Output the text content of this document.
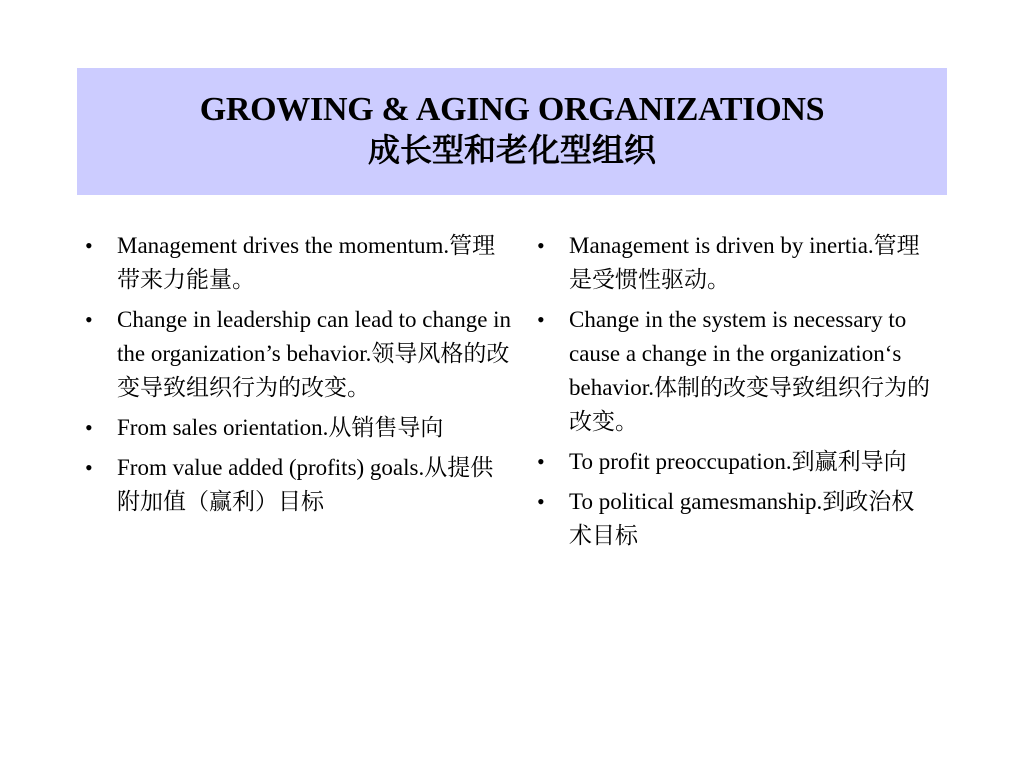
GROWING & AGING ORGANIZATIONS
成长型和老化型组织
• Management drives the momentum.管理带来力能量。
• Change in leadership can lead to change in the organization’s behavior.领导风格的改变导致组织行为的改变。
• From sales orientation.从销售导向
• From value added (profits) goals.从提供附加值（赢利）目标
• Management is driven by inertia.管理是受惯性驱动。
• Change in the system is necessary to cause a change in the organization‘s behavior.体制的改变导致组织行为的改变。
• To profit preoccupation.到赢利导向
• To political gamesmanship.到政治权术目标
